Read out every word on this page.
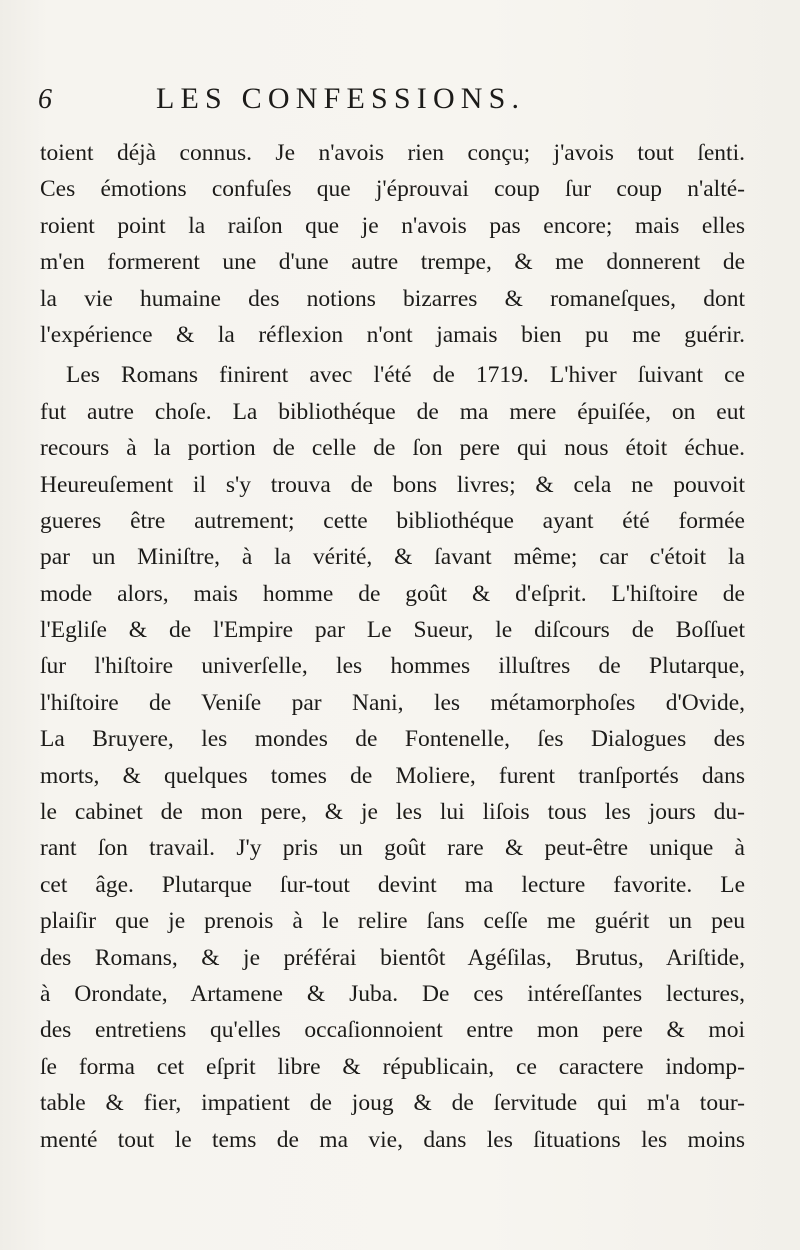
6	LES CONFESSIONS.
toient déjà connus. Je n'avois rien conçu; j'avois tout ſenti.
Ces émotions confuſes que j'éprouvai coup ſur coup n'alté-
roient point la raiſon que je n'avois pas encore; mais elles
m'en formerent une d'une autre trempe, & me donnerent de
la vie humaine des notions bizarres & romaneſques, dont
l'expérience & la réflexion n'ont jamais bien pu me guérir.
Les Romans finirent avec l'été de 1719. L'hiver ſuivant ce
fut autre choſe. La bibliothéque de ma mere épuiſée, on eut
recours à la portion de celle de ſon pere qui nous étoit échue.
Heureuſement il s'y trouva de bons livres; & cela ne pouvoit
gueres être autrement; cette bibliothéque ayant été formée
par un Miniſtre, à la vérité, & ſavant même; car c'étoit la
mode alors, mais homme de goût & d'eſprit. L'hiſtoire de
l'Egliſe & de l'Empire par Le Sueur, le diſcours de Boſſuet
ſur l'hiſtoire univerſelle, les hommes illuſtres de Plutarque,
l'hiſtoire de Veniſe par Nani, les métamorphoſes d'Ovide,
La Bruyere, les mondes de Fontenelle, ſes Dialogues des
morts, & quelques tomes de Moliere, furent tranſportés dans
le cabinet de mon pere, & je les lui liſois tous les jours du-
rant ſon travail. J'y pris un goût rare & peut-être unique à
cet âge. Plutarque ſur-tout devint ma lecture favorite. Le
plaiſir que je prenois à le relire ſans ceſſe me guérit un peu
des Romans, & je préférai bientôt Agéſilas, Brutus, Ariſtide,
à Orondate, Artamene & Juba. De ces intéreſſantes lectures,
des entretiens qu'elles occaſionnoient entre mon pere & moi
ſe forma cet eſprit libre & républicain, ce caractere indomp-
table & fier, impatient de joug & de ſervitude qui m'a tour-
menté tout le tems de ma vie, dans les ſituations les moins
